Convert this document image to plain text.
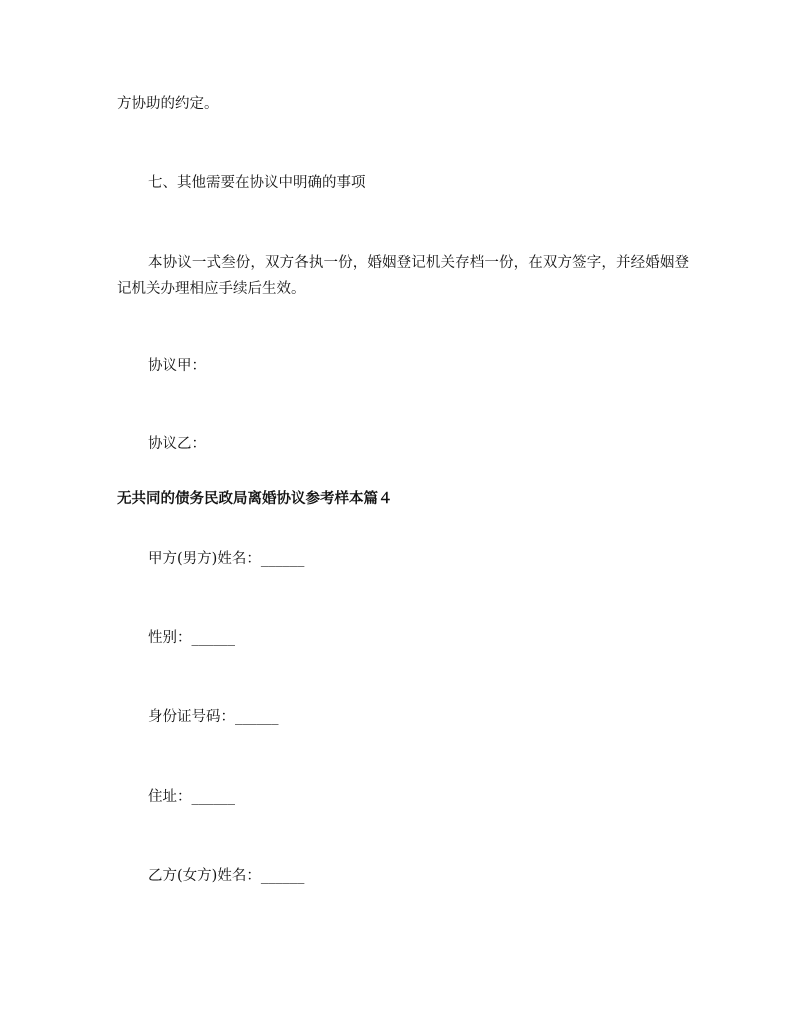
方协助的约定。
七、其他需要在协议中明确的事项
本协议一式叁份，双方各执一份，婚姻登记机关存档一份，在双方签字，并经婚姻登记机关办理相应手续后生效。
协议甲：
协议乙：
无共同的债务民政局离婚协议参考样本篇４
甲方(男方)姓名：______
性别：______
身份证号码：______
住址：______
乙方(女方)姓名：______
